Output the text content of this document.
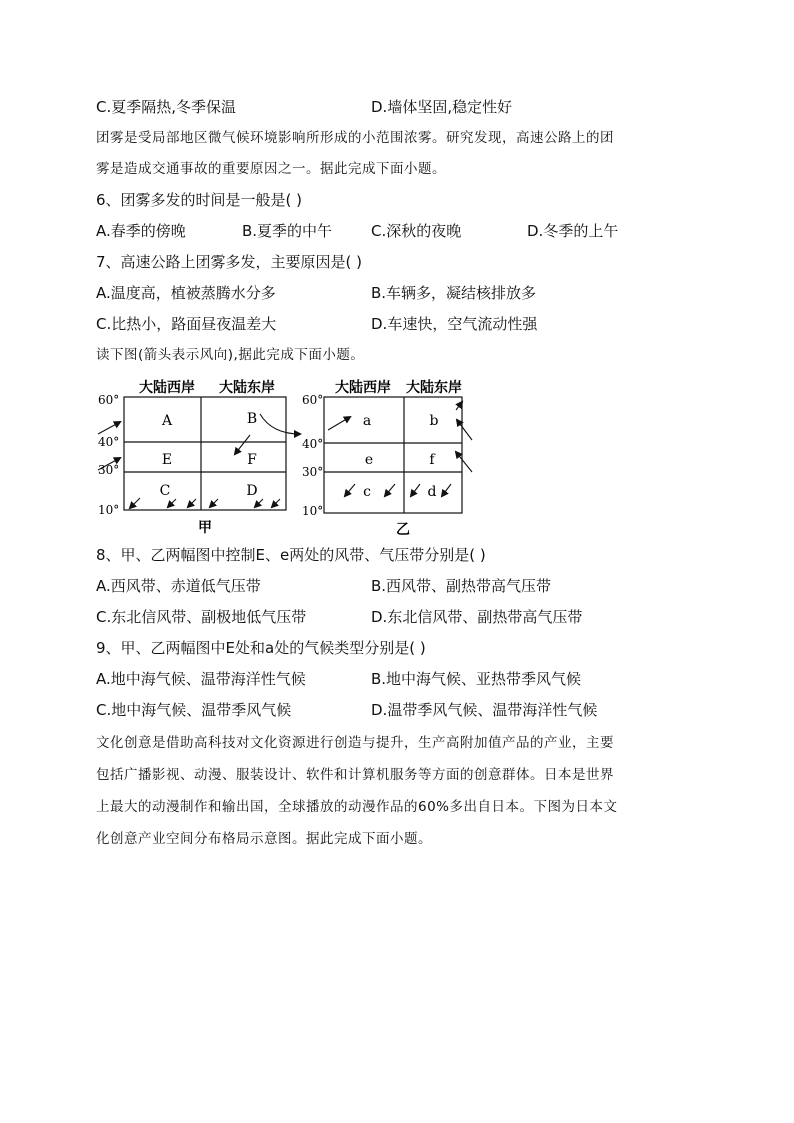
C.夏季隔热,冬季保温	D.墙体坚固,稳定性好
团雾是受局部地区微气候环境影响所形成的小范围浓雾。研究发现，高速公路上的团
雾是造成交通事故的重要原因之一。据此完成下面小题。
6、团雾多发的时间是一般是( )
A.春季的傍晚	B.夏季的中午	C.深秋的夜晚	D.冬季的上午
7、高速公路上团雾多发，主要原因是( )
A.温度高，植被蒸腾水分多	B.车辆多，凝结核排放多
C.比热小，路面昼夜温差大	D.车速快，空气流动性强
读下图(箭头表示风向),据此完成下面小题。
大陆西岸 大陆东岸
60°
40°
30°
10°
A	B
E	F
C	D
甲
大陆西岸 大陆东岸
60°
40°
30°
10°
a	b
e	f
c	d
乙
8、甲、乙两幅图中控制E、e两处的风带、气压带分别是( )
A.西风带、赤道低气压带	B.西风带、副热带高气压带
C.东北信风带、副极地低气压带	D.东北信风带、副热带高气压带
9、甲、乙两幅图中E处和a处的气候类型分别是( )
A.地中海气候、温带海洋性气候	B.地中海气候、亚热带季风气候
C.地中海气候、温带季风气候	D.温带季风气候、温带海洋性气候
文化创意是借助高科技对文化资源进行创造与提升，生产高附加值产品的产业，主要
包括广播影视、动漫、服装设计、软件和计算机服务等方面的创意群体。日本是世界
上最大的动漫制作和输出国，全球播放的动漫作品的60%多出自日本。下图为日本文
化创意产业空间分布格局示意图。据此完成下面小题。
